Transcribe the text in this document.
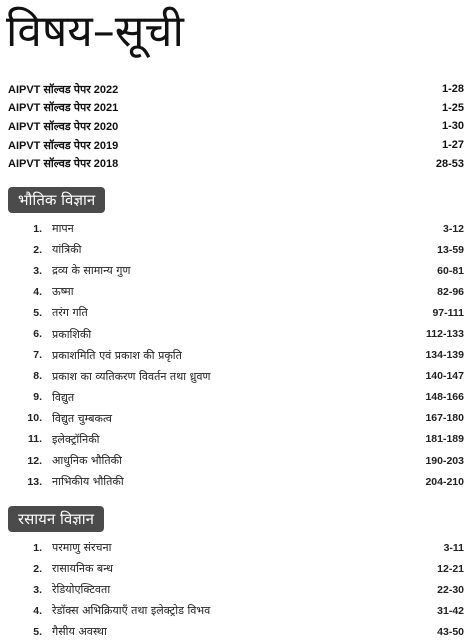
विषय–सूची
AIPVT सॉल्वड पेपर 2022	1-28
AIPVT सॉल्वड पेपर 2021	1-25
AIPVT सॉल्वड पेपर 2020	1-30
AIPVT सॉल्वड पेपर 2019	1-27
AIPVT सॉल्वड पेपर 2018	28-53
भौतिक विज्ञान
1. मापन	3-12
2. यांत्रिकी	13-59
3. द्रव्य के सामान्य गुण	60-81
4. ऊष्मा	82-96
5. तरंग गति	97-111
6. प्रकाशिकी	112-133
7. प्रकाशमिति एवं प्रकाश की प्रकृति	134-139
8. प्रकाश का व्यतिकरण विवर्तन तथा ध्रुवण	140-147
9. विद्युत	148-166
10. विद्युत चुम्बकत्व	167-180
11. इलेक्ट्रॉनिकी	181-189
12. आधुनिक भौतिकी	190-203
13. नाभिकीय भौतिकी	204-210
रसायन विज्ञान
1. परमाणु संरचना	3-11
2. रासायनिक बन्ध	12-21
3. रेडियोएक्टिवता	22-30
4. रेडॉक्स अभिक्रियाएँ तथा इलेक्ट्रोड विभव	31-42
5. गैसीय अवस्था	43-50
